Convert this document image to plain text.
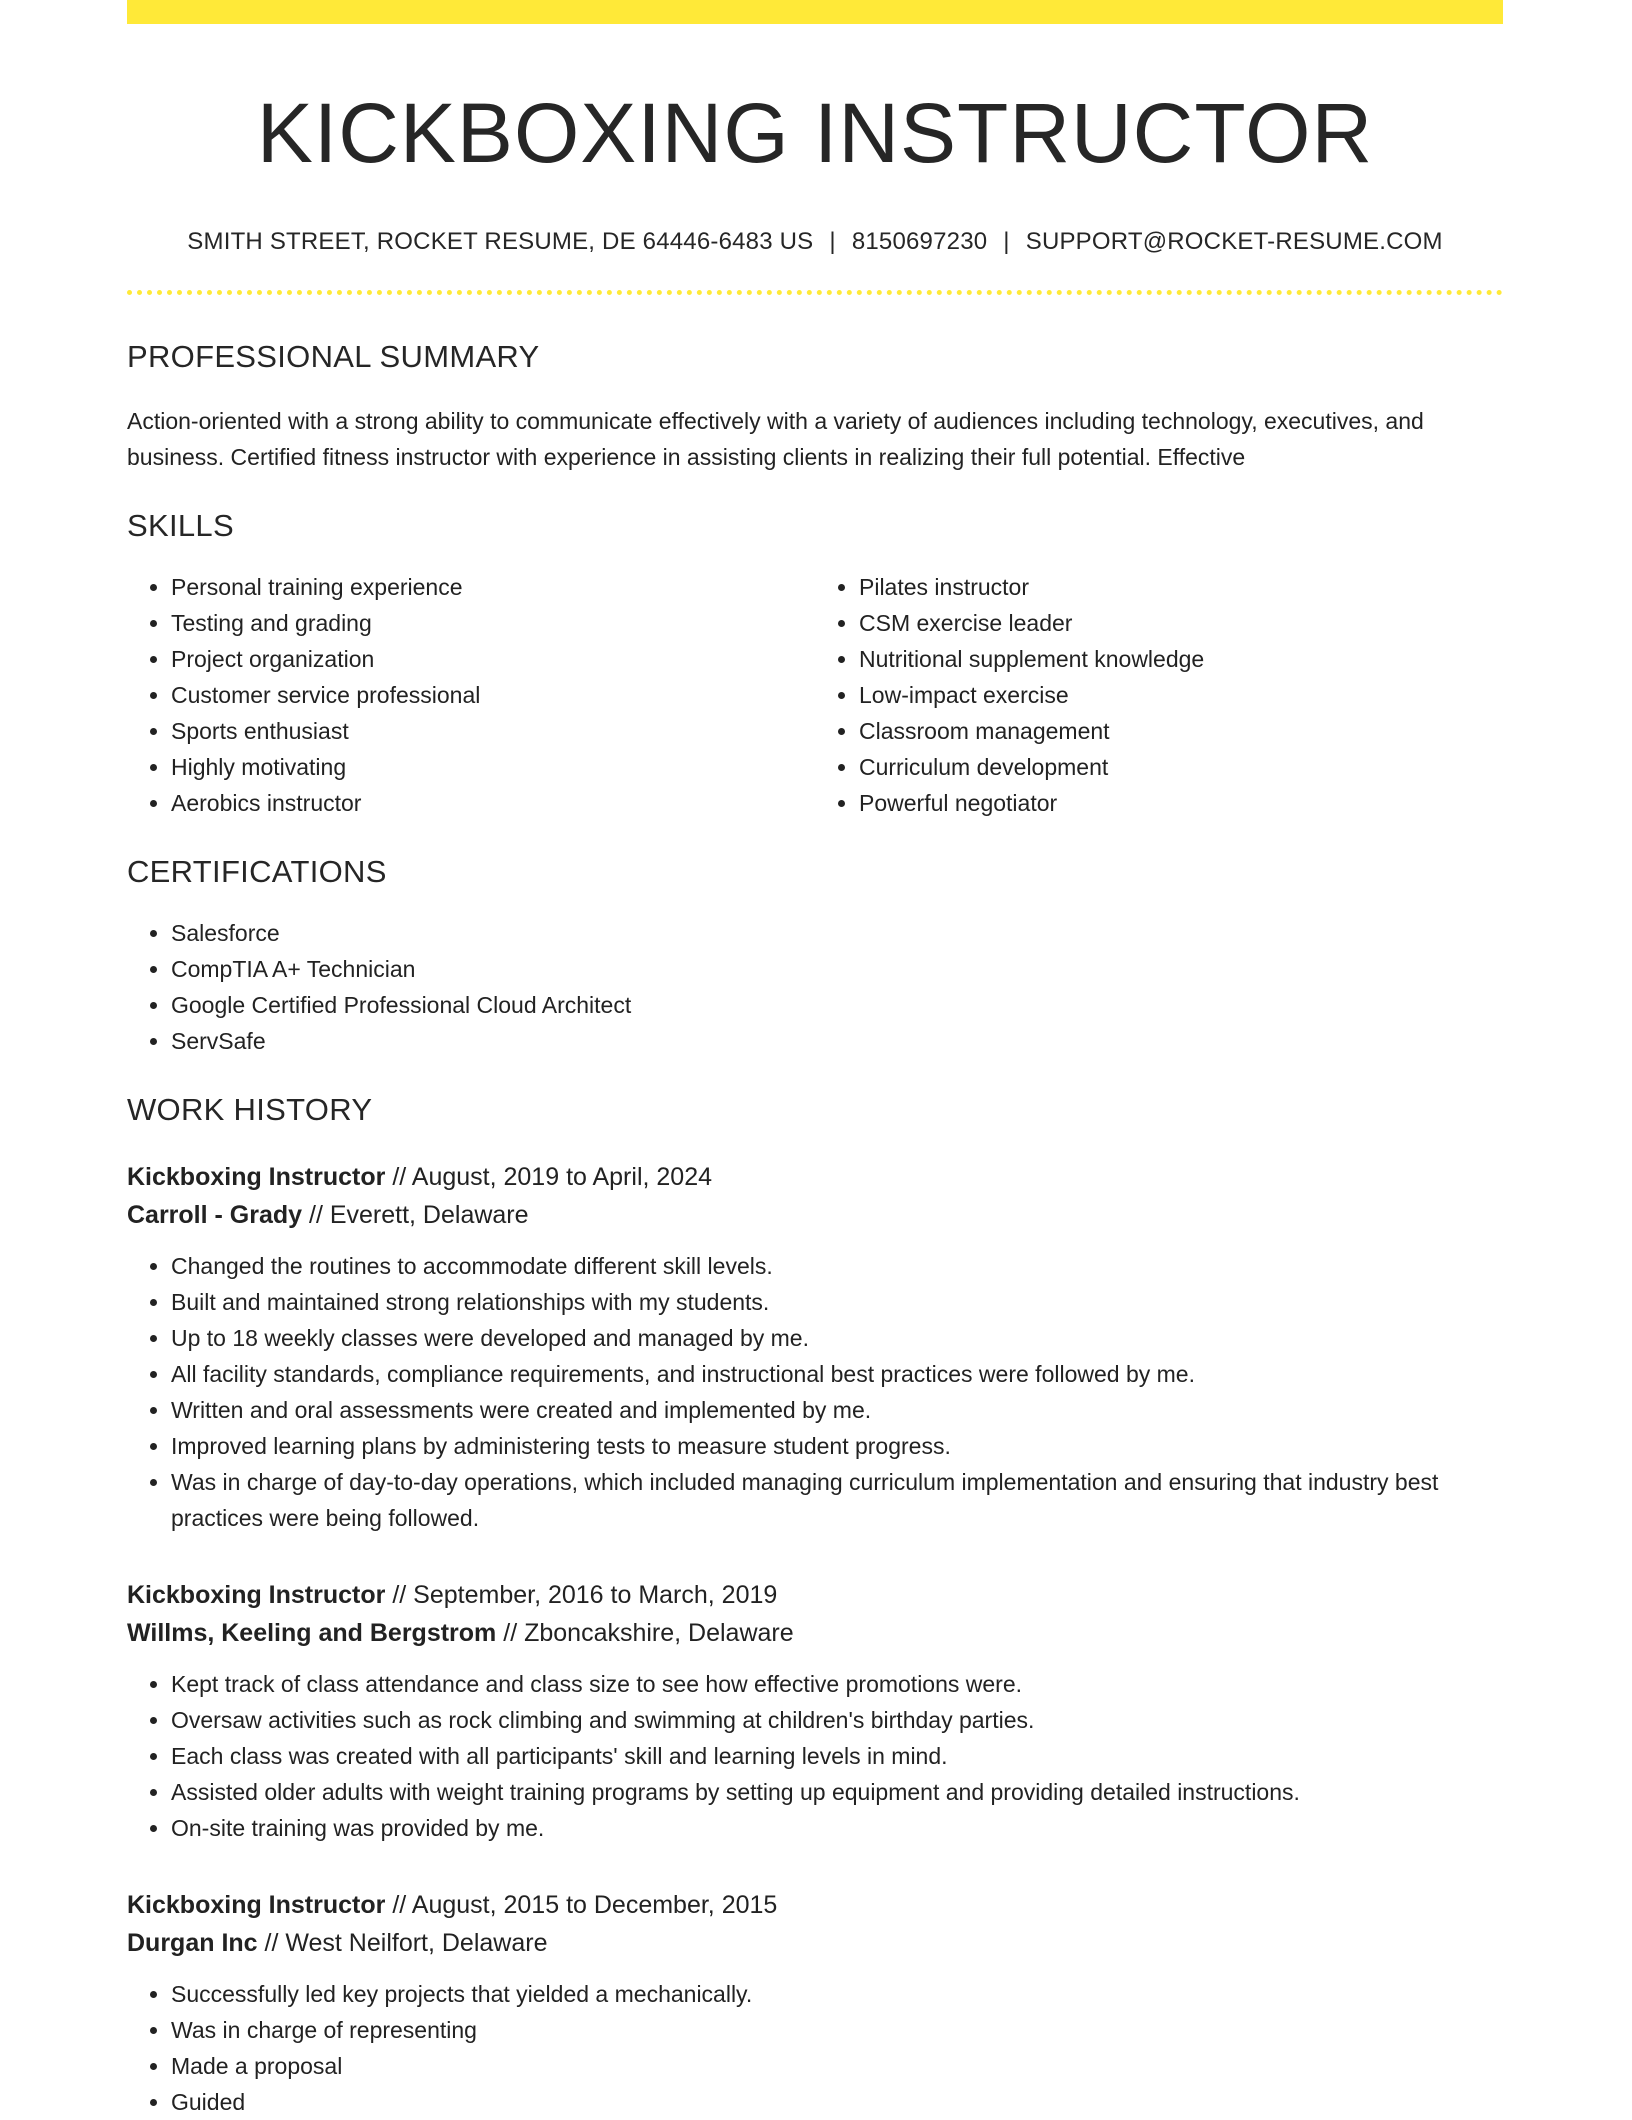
KICKBOXING INSTRUCTOR
SMITH STREET, ROCKET RESUME, DE 64446-6483 US | 8150697230 | SUPPORT@ROCKET-RESUME.COM
PROFESSIONAL SUMMARY

Action-oriented with a strong ability to communicate effectively with a variety of audiences including technology, executives, and business. Certified fitness instructor with experience in assisting clients in realizing their full potential. Effective

SKILLS
• Personal training experience
• Testing and grading
• Project organization
• Customer service professional
• Sports enthusiast
• Highly motivating
• Aerobics instructor
• Pilates instructor
• CSM exercise leader
• Nutritional supplement knowledge
• Low-impact exercise
• Classroom management
• Curriculum development
• Powerful negotiator
CERTIFICATIONS
• Salesforce
• CompTIA A+ Technician
• Google Certified Professional Cloud Architect
• ServSafe
WORK HISTORY
Kickboxing Instructor // August, 2019 to April, 2024
Carroll - Grady // Everett, Delaware
• Changed the routines to accommodate different skill levels.
• Built and maintained strong relationships with my students.
• Up to 18 weekly classes were developed and managed by me.
• All facility standards, compliance requirements, and instructional best practices were followed by me.
• Written and oral assessments were created and implemented by me.
• Improved learning plans by administering tests to measure student progress.
• Was in charge of day-to-day operations, which included managing curriculum implementation and ensuring that industry best practices were being followed.
Kickboxing Instructor // September, 2016 to March, 2019
Willms, Keeling and Bergstrom // Zboncakshire, Delaware
• Kept track of class attendance and class size to see how effective promotions were.
• Oversaw activities such as rock climbing and swimming at children's birthday parties.
• Each class was created with all participants' skill and learning levels in mind.
• Assisted older adults with weight training programs by setting up equipment and providing detailed instructions.
• On-site training was provided by me.
Kickboxing Instructor // August, 2015 to December, 2015
Durgan Inc // West Neilfort, Delaware
• Successfully led key projects that yielded a mechanically.
• Was in charge of representing
• Made a proposal
• Guided
